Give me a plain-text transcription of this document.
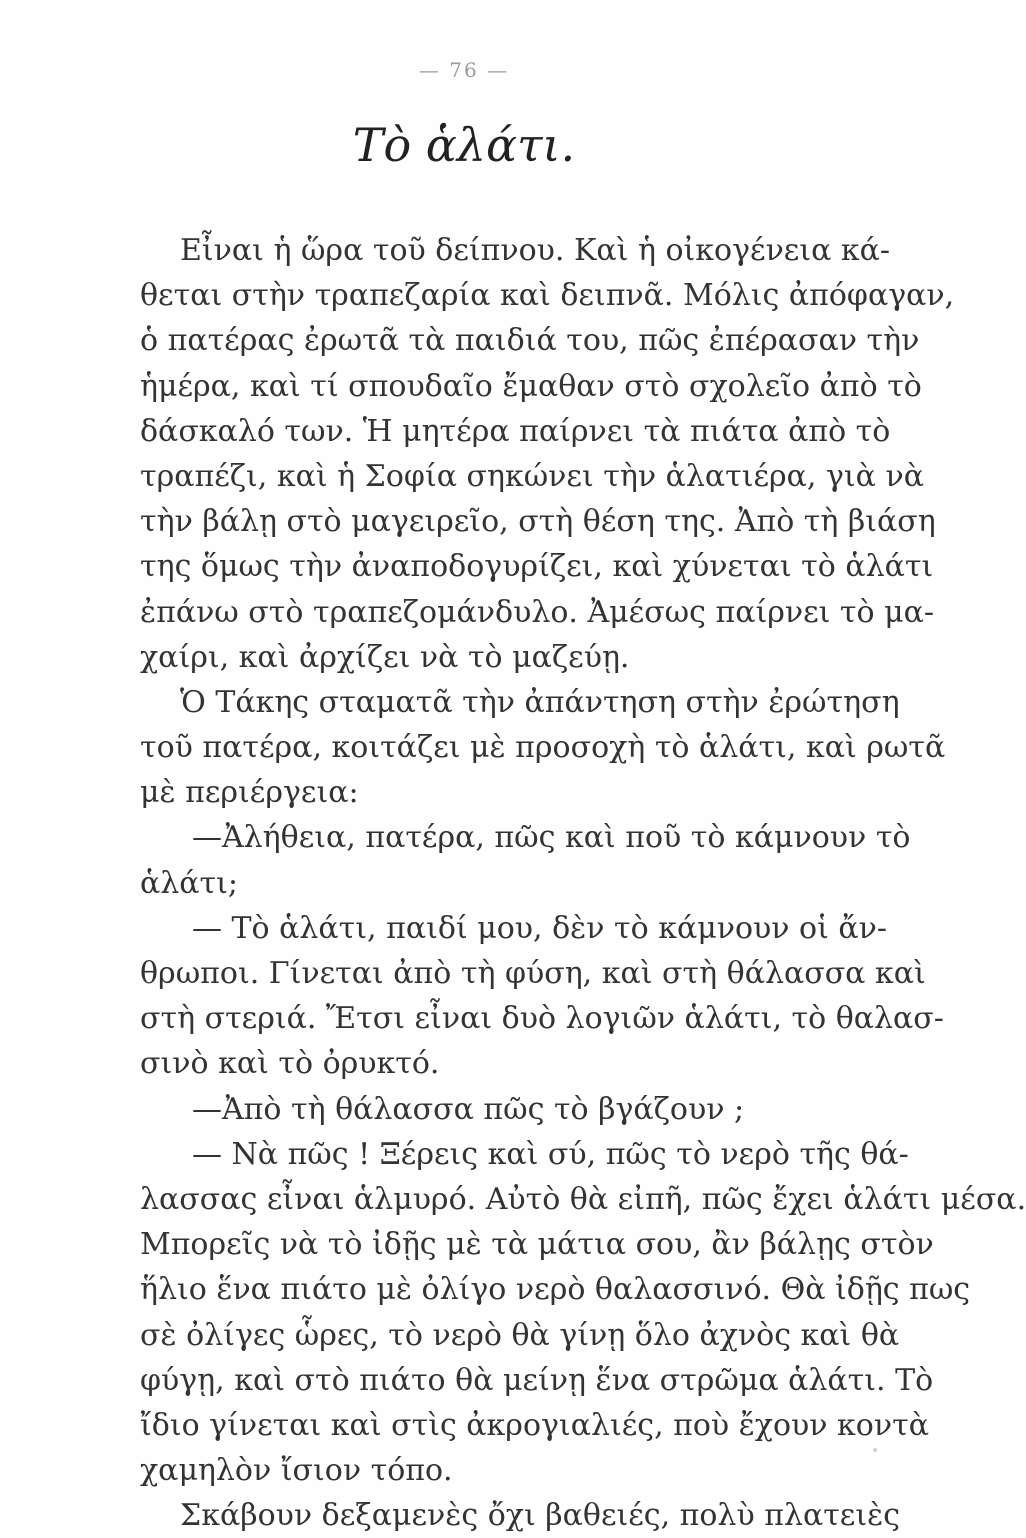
— 76 —
Τὸ ἁλάτι.
Εἶναι ἡ ὥρα τοῦ δείπνου. Καὶ ἡ οἰκογένεια κά-
θεται στὴν τραπεζαρία καὶ δειπνᾶ. Μόλις ἀπόφαγαν,
ὁ πατέρας ἐρωτᾶ τὰ παιδιά του, πῶς ἐπέρασαν τὴν
ἡμέρα, καὶ τί σπουδαῖο ἔμαθαν στὸ σχολεῖο ἀπὸ τὸ
δάσκαλό των. Ἡ μητέρα παίρνει τὰ πιάτα ἀπὸ τὸ
τραπέζι, καὶ ἡ Σοφία σηκώνει τὴν ἁλατιέρα, γιὰ νὰ
τὴν βάλῃ στὸ μαγειρεῖο, στὴ θέση της. Ἀπὸ τὴ βιάση
της ὅμως τὴν ἀναποδογυρίζει, καὶ χύνεται τὸ ἁλάτι
ἐπάνω στὸ τραπεζομάνδυλο. Ἀμέσως παίρνει τὸ μα-
χαίρι, καὶ ἀρχίζει νὰ τὸ μαζεύῃ.
Ὁ Τάκης σταματᾶ τὴν ἀπάντηση στὴν ἐρώτηση
τοῦ πατέρα, κοιτάζει μὲ προσοχὴ τὸ ἁλάτι, καὶ ρωτᾶ
μὲ περιέργεια:
—Ἀλήθεια, πατέρα, πῶς καὶ ποῦ τὸ κάμνουν τὸ
ἁλάτι;
— Τὸ ἁλάτι, παιδί μου, δὲν τὸ κάμνουν οἱ ἄν-
θρωποι. Γίνεται ἀπὸ τὴ φύση, καὶ στὴ θάλασσα καὶ
στὴ στεριά. Ἔτσι εἶναι δυὸ λογιῶν ἁλάτι, τὸ θαλασ-
σινὸ καὶ τὸ ὀρυκτό.
—Ἀπὸ τὴ θάλασσα πῶς τὸ βγάζουν ;
— Νὰ πῶς ! Ξέρεις καὶ σύ, πῶς τὸ νερὸ τῆς θά-
λασσας εἶναι ἁλμυρό. Αὐτὸ θὰ εἰπῆ, πῶς ἔχει ἁλάτι μέσα.
Μπορεῖς νὰ τὸ ἰδῇς μὲ τὰ μάτια σου, ἂν βάλῃς στὸν
ἥλιο ἕνα πιάτο μὲ ὀλίγο νερὸ θαλασσινό. Θὰ ἰδῇς πως
σὲ ὀλίγες ὧρες, τὸ νερὸ θὰ γίνῃ ὅλο ἀχνὸς καὶ θὰ
φύγῃ, καὶ στὸ πιάτο θὰ μείνῃ ἕνα στρῶμα ἁλάτι. Τὸ
ἴδιο γίνεται καὶ στὶς ἀκρογιαλιές, ποὺ ἔχουν κοντὰ
χαμηλὸν ἴσιον τόπο.
Σκάβουν δεξαμενὲς ὄχι βαθειές, πολὺ πλατειὲς
